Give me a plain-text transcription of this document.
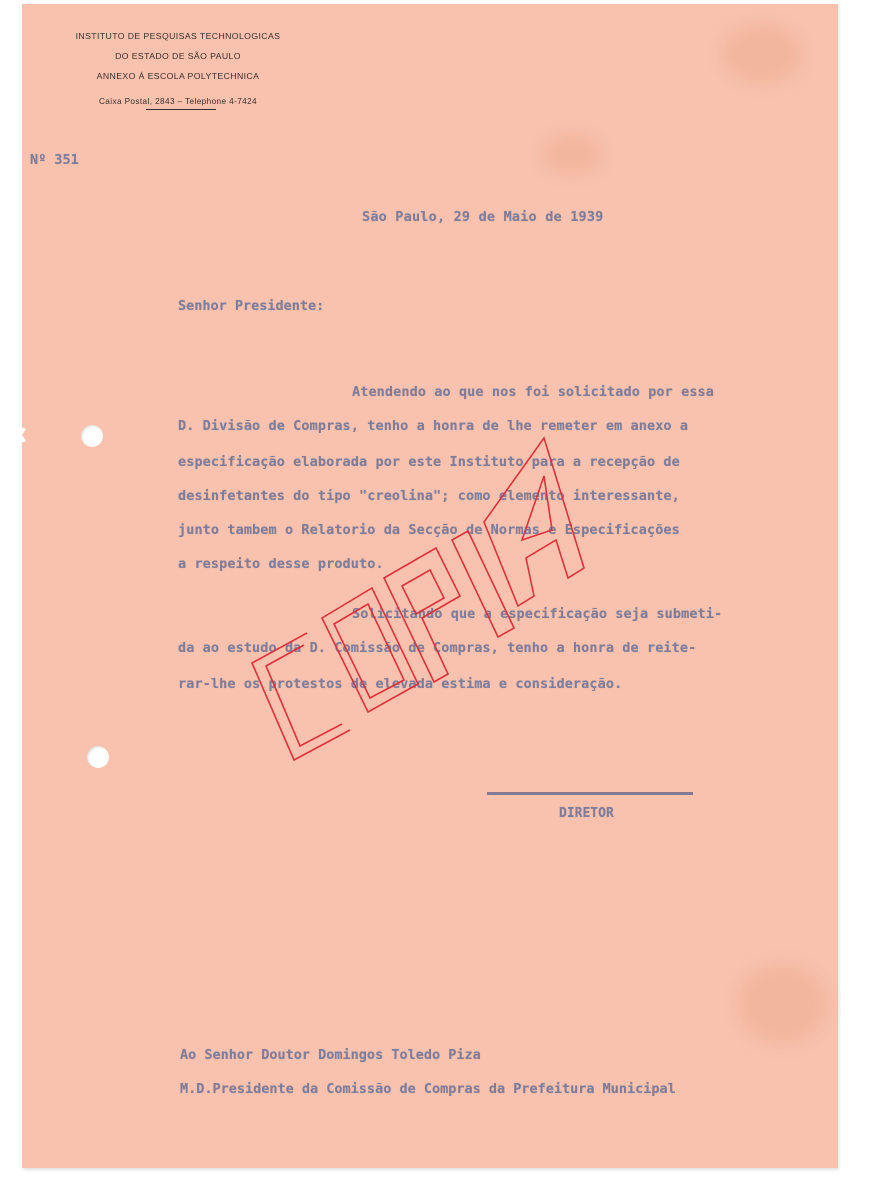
INSTITUTO DE PESQUISAS TECHNOLOGICAS
DO ESTADO DE SÃO PAULO
ANNEXO Á ESCOLA POLYTECHNICA
Caixa Postal, 2843 – Telephone 4-7424
Nº 351
São Paulo, 29 de Maio de 1939
Senhor Presidente:
Atendendo ao que nos foi solicitado por essa
D. Divisão de Compras, tenho a honra de lhe remeter em anexo a
especificação elaborada por este Instituto para a recepção de
desinfetantes do tipo "creolina"; como elemento interessante,
junto tambem o Relatorio da Secção de Normas e Especificações
a respeito desse produto.
Solicitando que a especificação seja submeti-
da ao estudo da D. Comissão de Compras, tenho a honra de reite-
rar-lhe os protestos de elevada estima e consideração.
DIRETOR
Ao Senhor Doutor Domingos Toledo Piza
M.D.Presidente da Comissão de Compras da Prefeitura Municipal
